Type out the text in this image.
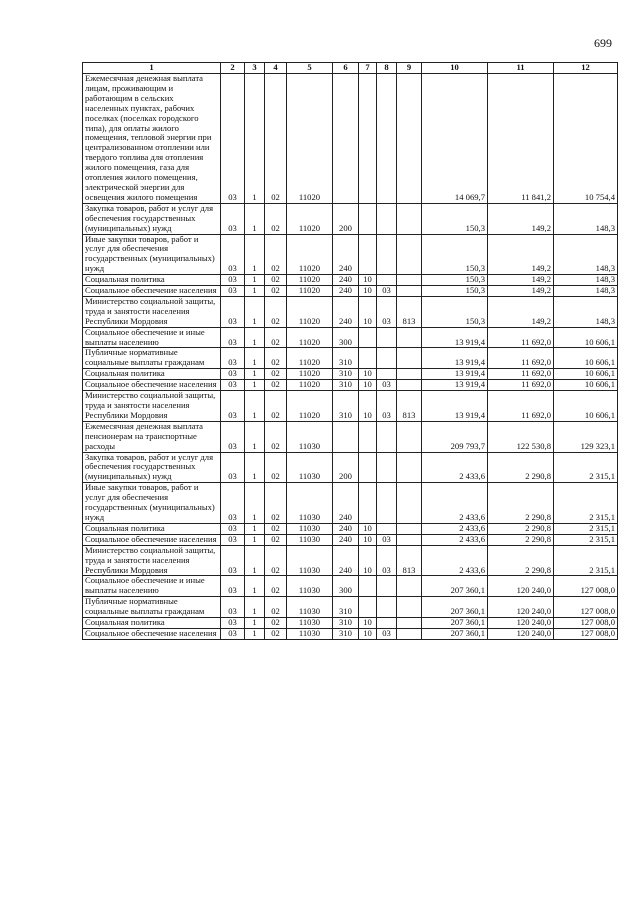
699
1	2	3	4	5	6	7	8	9	10	11	12
Ежемесячная денежная выплата лицам, проживающим и работающим в сельских населенных пунктах, рабочих поселках (поселках городского типа), для оплаты жилого помещения, тепловой энергии при централизованном отоплении или твердого топлива для отопления жилого помещения, газа для отопления жилого помещения, электрической энергии для освещения жилого помещения	03	1	02	11020					14 069,7	11 841,2	10 754,4
Закупка товаров, работ и услуг для обеспечения государственных (муниципальных) нужд	03	1	02	11020	200				150,3	149,2	148,3
Иные закупки товаров, работ и услуг для обеспечения государственных (муниципальных) нужд	03	1	02	11020	240				150,3	149,2	148,3
Социальная политика	03	1	02	11020	240	10			150,3	149,2	148,3
Социальное обеспечение населения	03	1	02	11020	240	10	03		150,3	149,2	148,3
Министерство социальной защиты, труда и занятости населения Республики Мордовия	03	1	02	11020	240	10	03	813	150,3	149,2	148,3
Социальное обеспечение и иные выплаты населению	03	1	02	11020	300				13 919,4	11 692,0	10 606,1
Публичные нормативные социальные выплаты гражданам	03	1	02	11020	310				13 919,4	11 692,0	10 606,1
Социальная политика	03	1	02	11020	310	10			13 919,4	11 692,0	10 606,1
Социальное обеспечение населения	03	1	02	11020	310	10	03		13 919,4	11 692,0	10 606,1
Министерство социальной защиты, труда и занятости населения Республики Мордовия	03	1	02	11020	310	10	03	813	13 919,4	11 692,0	10 606,1
Ежемесячная денежная выплата пенсионерам на транспортные расходы	03	1	02	11030					209 793,7	122 530,8	129 323,1
Закупка товаров, работ и услуг для обеспечения государственных (муниципальных) нужд	03	1	02	11030	200				2 433,6	2 290,8	2 315,1
Иные закупки товаров, работ и услуг для обеспечения государственных (муниципальных) нужд	03	1	02	11030	240				2 433,6	2 290,8	2 315,1
Социальная политика	03	1	02	11030	240	10			2 433,6	2 290,8	2 315,1
Социальное обеспечение населения	03	1	02	11030	240	10	03		2 433,6	2 290,8	2 315,1
Министерство социальной защиты, труда и занятости населения Республики Мордовия	03	1	02	11030	240	10	03	813	2 433,6	2 290,8	2 315,1
Социальное обеспечение и иные выплаты населению	03	1	02	11030	300				207 360,1	120 240,0	127 008,0
Публичные нормативные социальные выплаты гражданам	03	1	02	11030	310				207 360,1	120 240,0	127 008,0
Социальная политика	03	1	02	11030	310	10			207 360,1	120 240,0	127 008,0
Социальное обеспечение населения	03	1	02	11030	310	10	03		207 360,1	120 240,0	127 008,0
